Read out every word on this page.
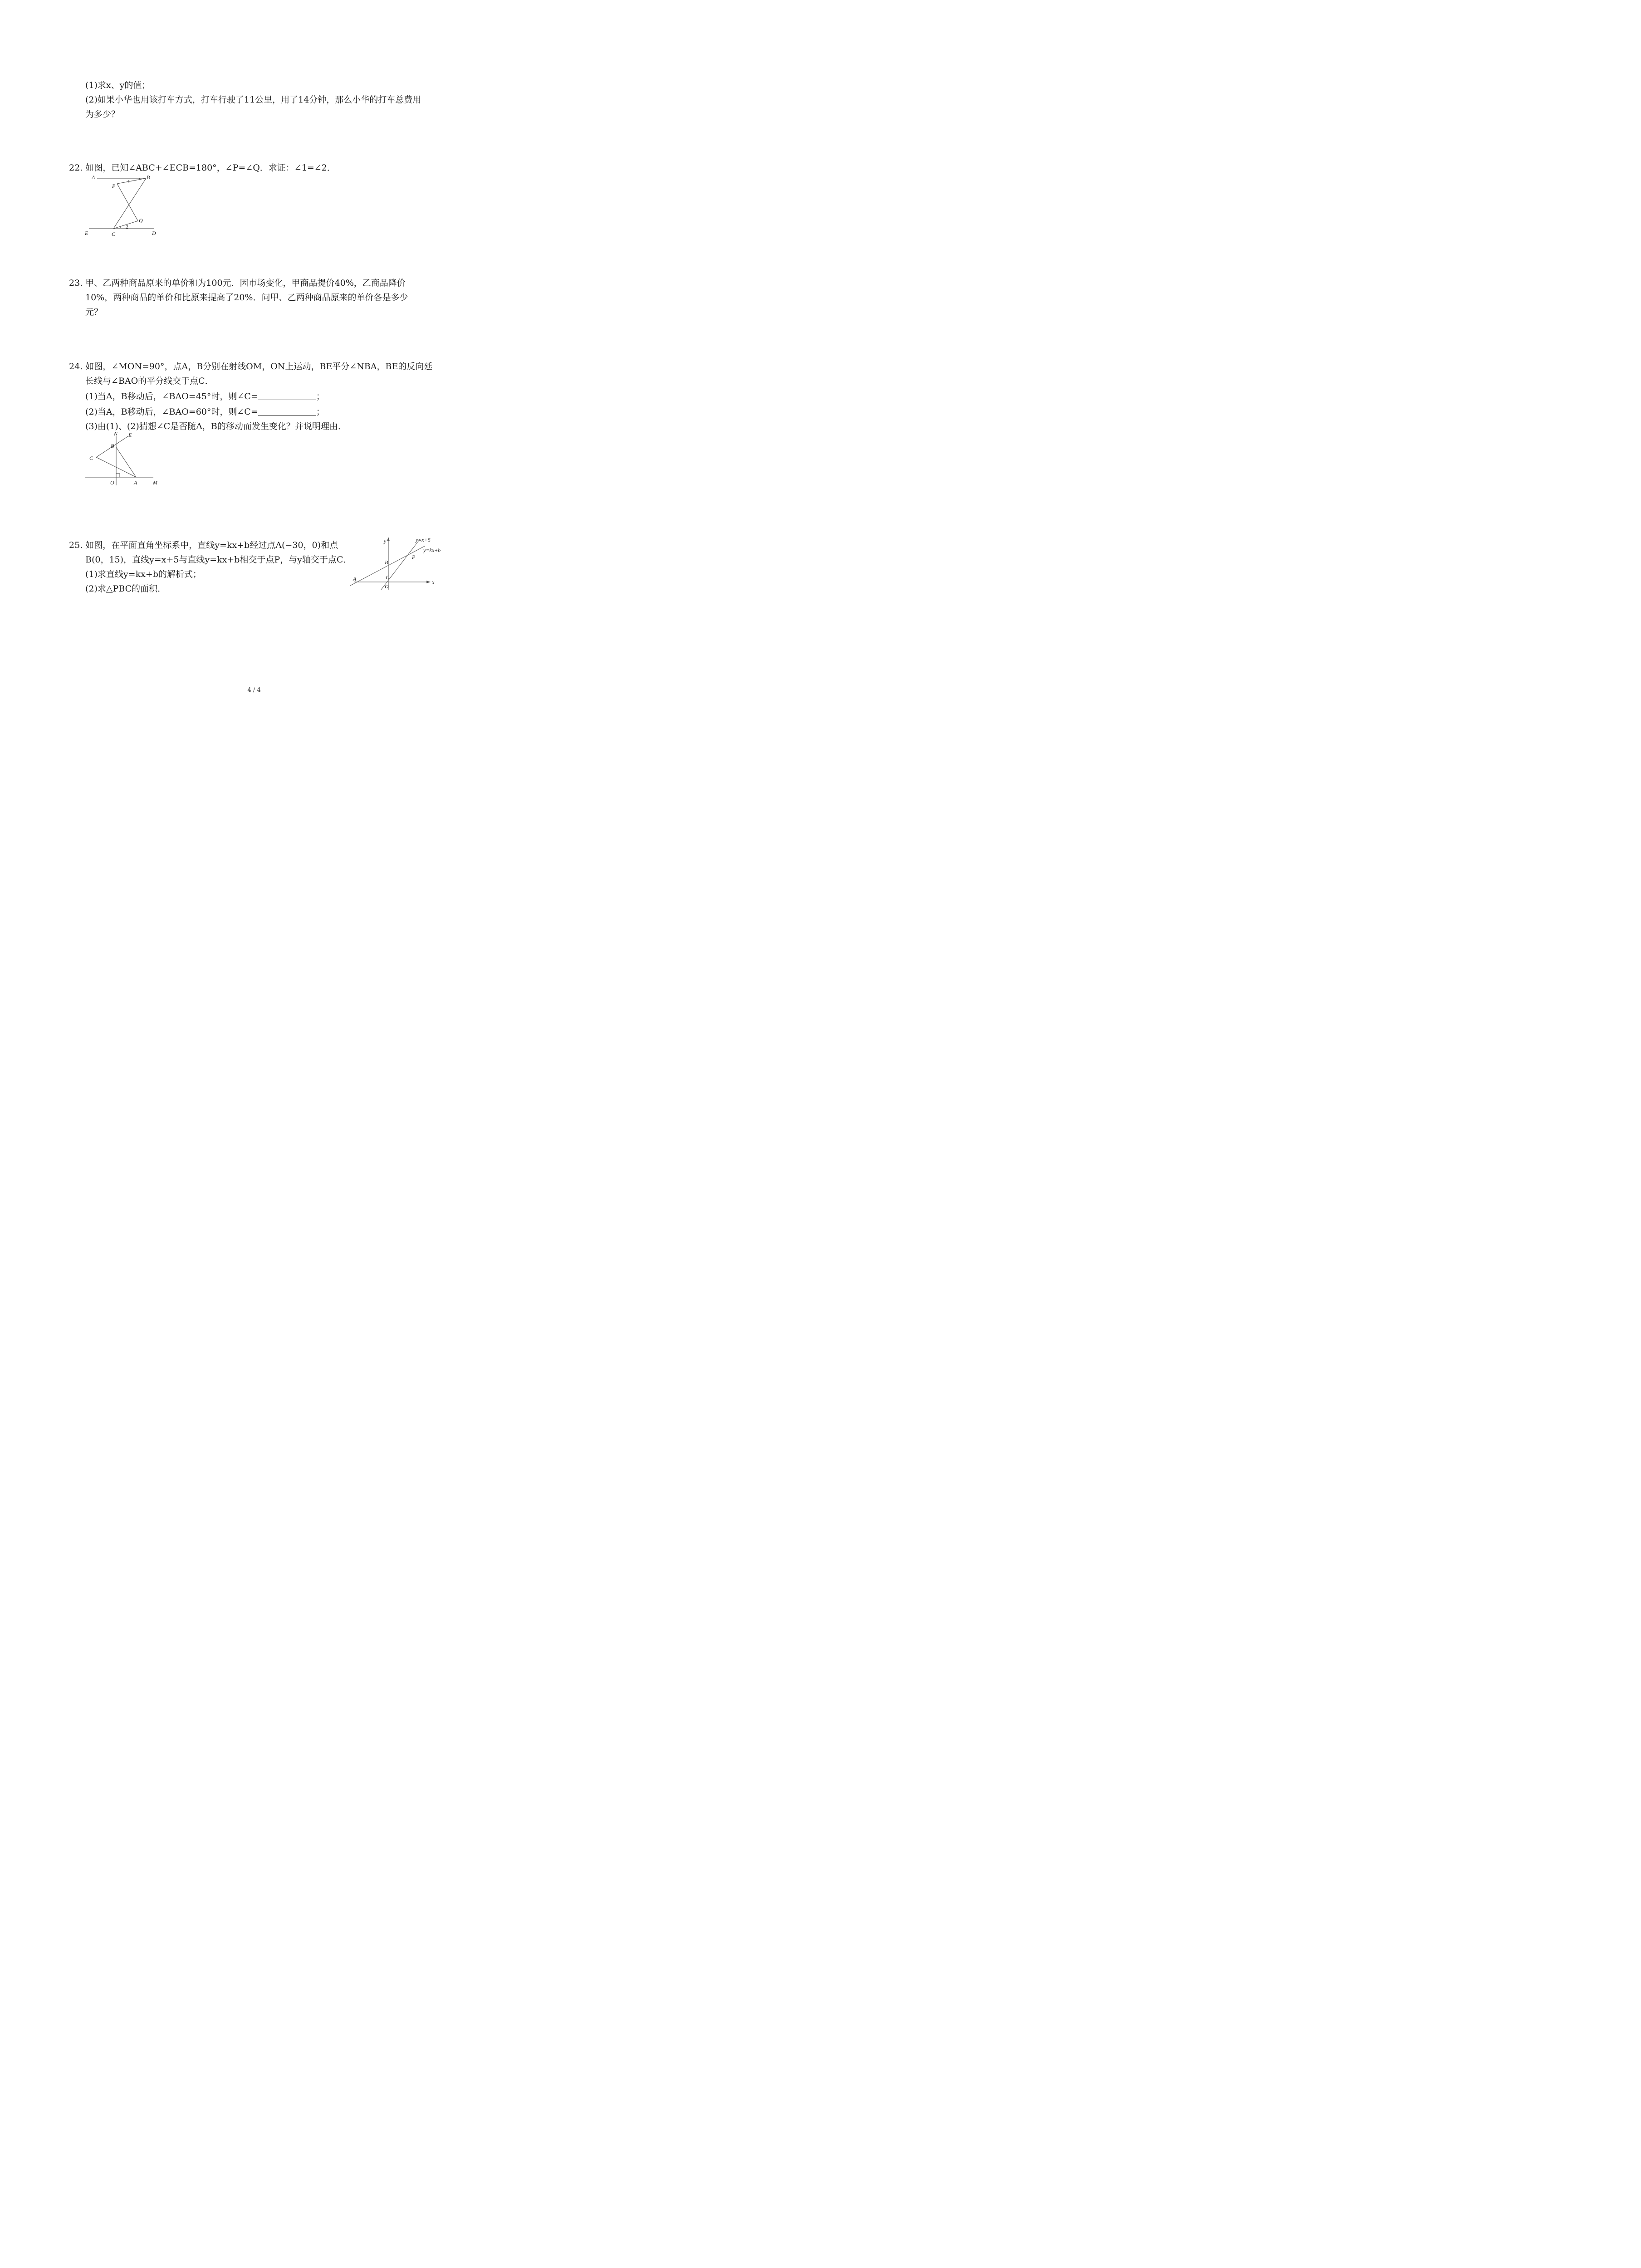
(1)求x、y的值；
(2)如果小华也用该打车方式，打车行驶了11公里，用了14分钟，那么小华的打车总费用
为多少？
22. 如图，已知∠ABC+∠ECB=180°，∠P=∠Q．求证：∠1=∠2．
A	B
P
1
Q
2
E	C	D
23. 甲、乙两种商品原来的单价和为100元．因市场变化，甲商品提价40%，乙商品降价
10%，两种商品的单价和比原来提高了20%．问甲、乙两种商品原来的单价各是多少
元？
24. 如图，∠MON=90°，点A，B分别在射线OM，ON上运动，BE平分∠NBA，BE的反向延
长线与∠BAO的平分线交于点C．
(1)当A，B移动后，∠BAO=45°时，则∠C=	；
(2)当A，B移动后，∠BAO=60°时，则∠C=	；
(3)由(1)、(2)猜想∠C是否随A，B的移动而发生变化？并说明理由．
N E
B
C
O	A	M
25. 如图，在平面直角坐标系中，直线y=kx+b经过点A(−30，0)和点
B(0，15)，直线y=x+5与直线y=kx+b相交于点P，与y轴交于点C．
(1)求直线y=kx+b的解析式；
(2)求△PBC的面积．
y	y=x+5
y=kx+b
P
B
C
A
O
x
4 / 4
